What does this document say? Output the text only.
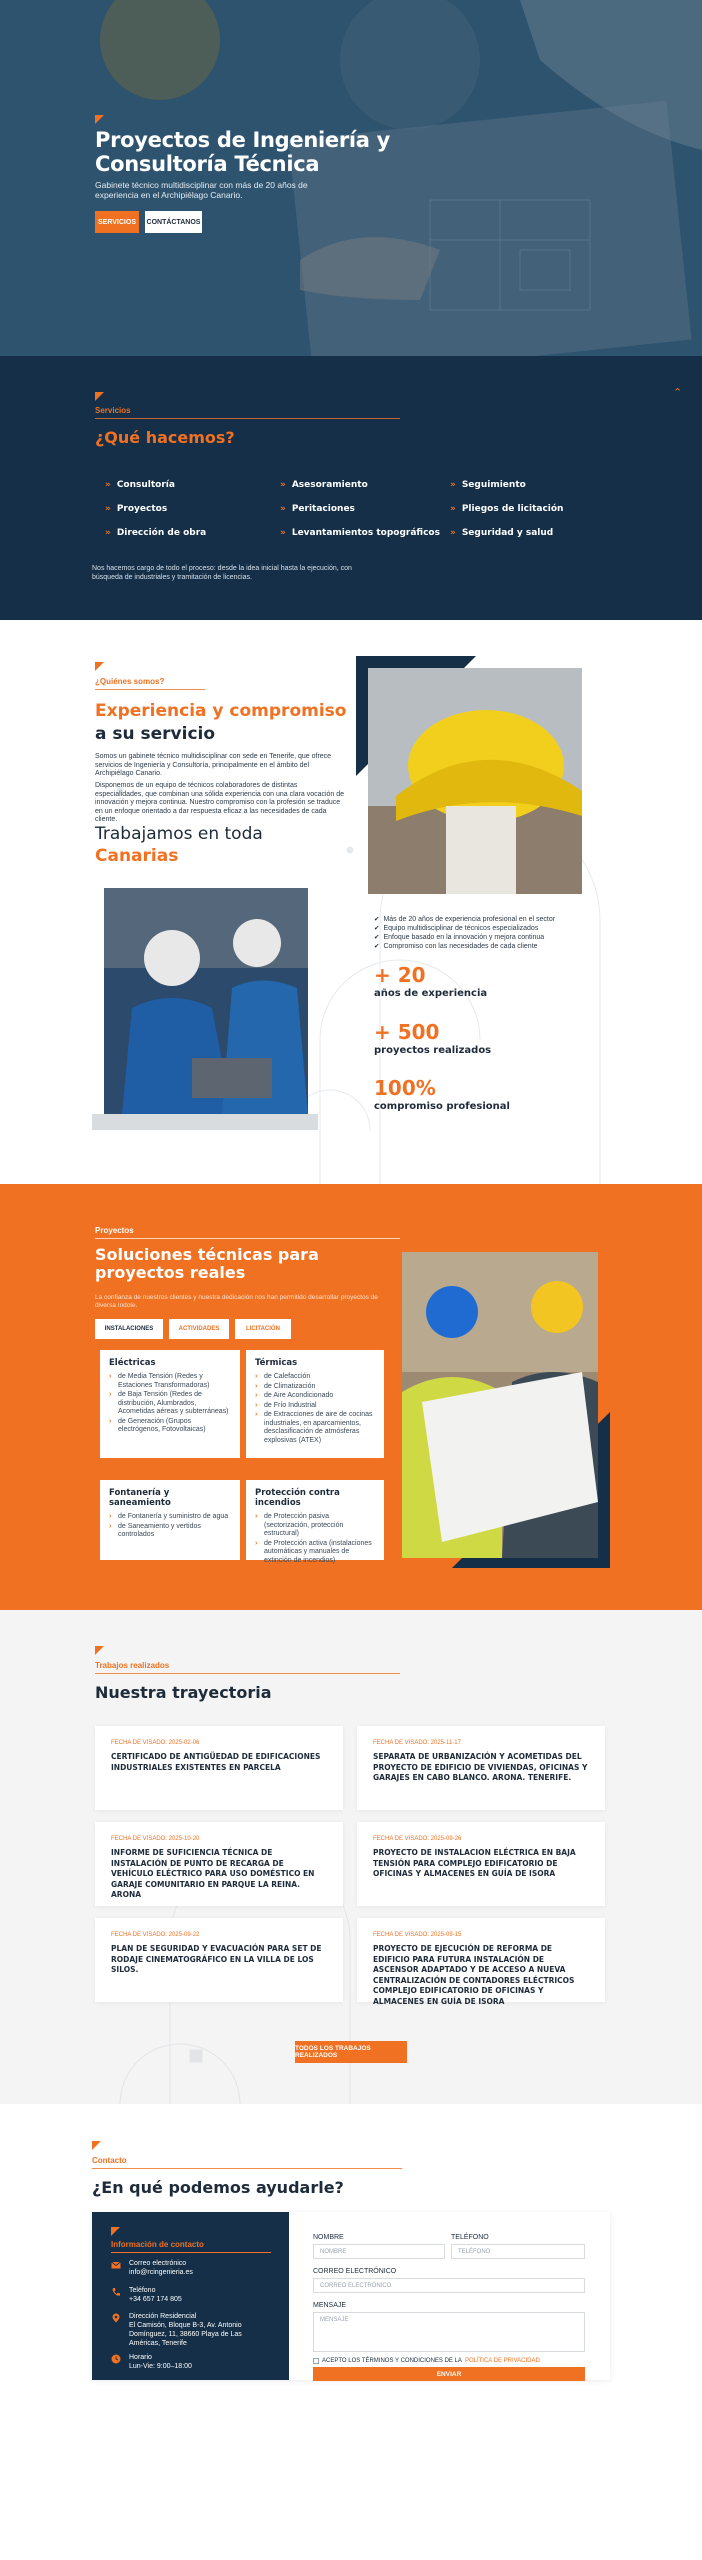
Proyectos de Ingeniería y Consultoría Técnica
Gabinete técnico multidisciplinar con más de 20 años de experiencia en el Archipiélago Canario.
SERVICIOS	CONTÁCTANOS
Servicios
¿Qué hacemos?
⌃
» Consultoría	» Asesoramiento	» Seguimiento
» Proyectos	» Peritaciones	» Pliegos de licitación
» Dirección de obra	» Levantamientos topográficos » Seguridad y salud
Nos hacemos cargo de todo el proceso: desde la idea inicial hasta la ejecución, con búsqueda de industriales y tramitación de licencias.
¿Quiénes somos?
Experiencia y compromiso
a su servicio
Somos un gabinete técnico multidisciplinar con sede en Tenerife, que ofrece servicios de Ingeniería y Consultoría, principalmente en el ámbito del Archipiélago Canario.
Disponemos de un equipo de técnicos colaboradores de distintas especialidades, que combinan una sólida experiencia con una clara vocación de innovación y mejora continua. Nuestro compromiso con la profesión se traduce en un enfoque orientado a dar respuesta eficaz a las necesidades de cada cliente.
Trabajamos en toda
Canarias
✔ Más de 20 años de experiencia profesional en el sector
✔ Equipo multidisciplinar de técnicos especializados
✔ Enfoque basado en la innovación y mejora continua
✔ Compromiso con las necesidades de cada cliente
+ 20
años de experiencia
+ 500
proyectos realizados
100%
compromiso profesional
Proyectos
Soluciones técnicas para proyectos reales
La confianza de nuestros clientes y nuestra dedicación nos han permitido desarrollar proyectos de diversa índole.
INSTALACIONES	ACTIVIDADES	LICITACIÓN
Eléctricas
› de Media Tensión (Redes y Estaciones Transformadoras)
› de Baja Tensión (Redes de distribución, Alumbrados, Acometidas aéreas y subterráneas)
› de Generación (Grupos electrógenos, Fotovoltaicas)
Térmicas
› de Calefacción
› de Climatización
› de Aire Acondicionado
› de Frío Industrial
› de Extracciones de aire de cocinas industriales, en aparcamientos, desclasificación de atmósferas explosivas (ATEX)
Fontanería y saneamiento
› de Fontanería y suministro de agua
› de Saneamiento y vertidos controlados
Protección contra incendios
› de Protección pasiva (sectorización, protección estructural)
› de Protección activa (instalaciones automáticas y manuales de extinción de incendios)
Trabajos realizados
Nuestra trayectoria
FECHA DE VISADO: 2025-02-06
CERTIFICADO DE ANTIGÜEDAD DE EDIFICACIONES INDUSTRIALES EXISTENTES EN PARCELA
FECHA DE VISADO: 2025-11-17
SEPARATA DE URBANIZACIÓN Y ACOMETIDAS DEL PROYECTO DE EDIFICIO DE VIVIENDAS, OFICINAS Y GARAJES EN CABO BLANCO. ARONA. TENERIFE.
FECHA DE VISADO: 2025-10-20
INFORME DE SUFICIENCIA TÉCNICA DE INSTALACIÓN DE PUNTO DE RECARGA DE VEHÍCULO ELÉCTRICO PARA USO DOMÉSTICO EN GARAJE COMUNITARIO EN PARQUE LA REINA. ARONA
FECHA DE VISADO: 2025-09-26
PROYECTO DE INSTALACION ELÉCTRICA EN BAJA TENSIÓN PARA COMPLEJO EDIFICATORIO DE OFICINAS Y ALMACENES EN GUÍA DE ISORA
FECHA DE VISADO: 2025-09-22
PLAN DE SEGURIDAD Y EVACUACIÓN PARA SET DE RODAJE CINEMATOGRÁFICO EN LA VILLA DE LOS SILOS.
FECHA DE VISADO: 2025-09-15
PROYECTO DE EJECUCIÓN DE REFORMA DE EDIFICIO PARA FUTURA INSTALACIÓN DE ASCENSOR ADAPTADO Y DE ACCESO A NUEVA CENTRALIZACIÓN DE CONTADORES ELÉCTRICOS COMPLEJO EDIFICATORIO DE OFICINAS Y ALMACENES EN GUÍA DE ISORA
TODOS LOS TRABAJOS REALIZADOS
Contacto
¿En qué podemos ayudarle?
Información de contacto
Correo electrónico
info@rcingenieria.es
Teléfono
+34 657 174 805
Dirección Residencial
El Camisón, Bloque B-3, Av. Antonio Domínguez, 11, 38660 Playa de Las Américas, Tenerife
Horario
Lun-Vie: 9:00–18:00
NOMBRE
NOMBRE
TELÉFONO
TELÉFONO
CORREO ELECTRÓNICO
CORREO ELECTRÓNICO
MENSAJE
MENSAJE
ACEPTO LOS TÉRMINOS Y CONDICIONES DE LA POLÍTICA DE PRIVACIDAD
ENVIAR
